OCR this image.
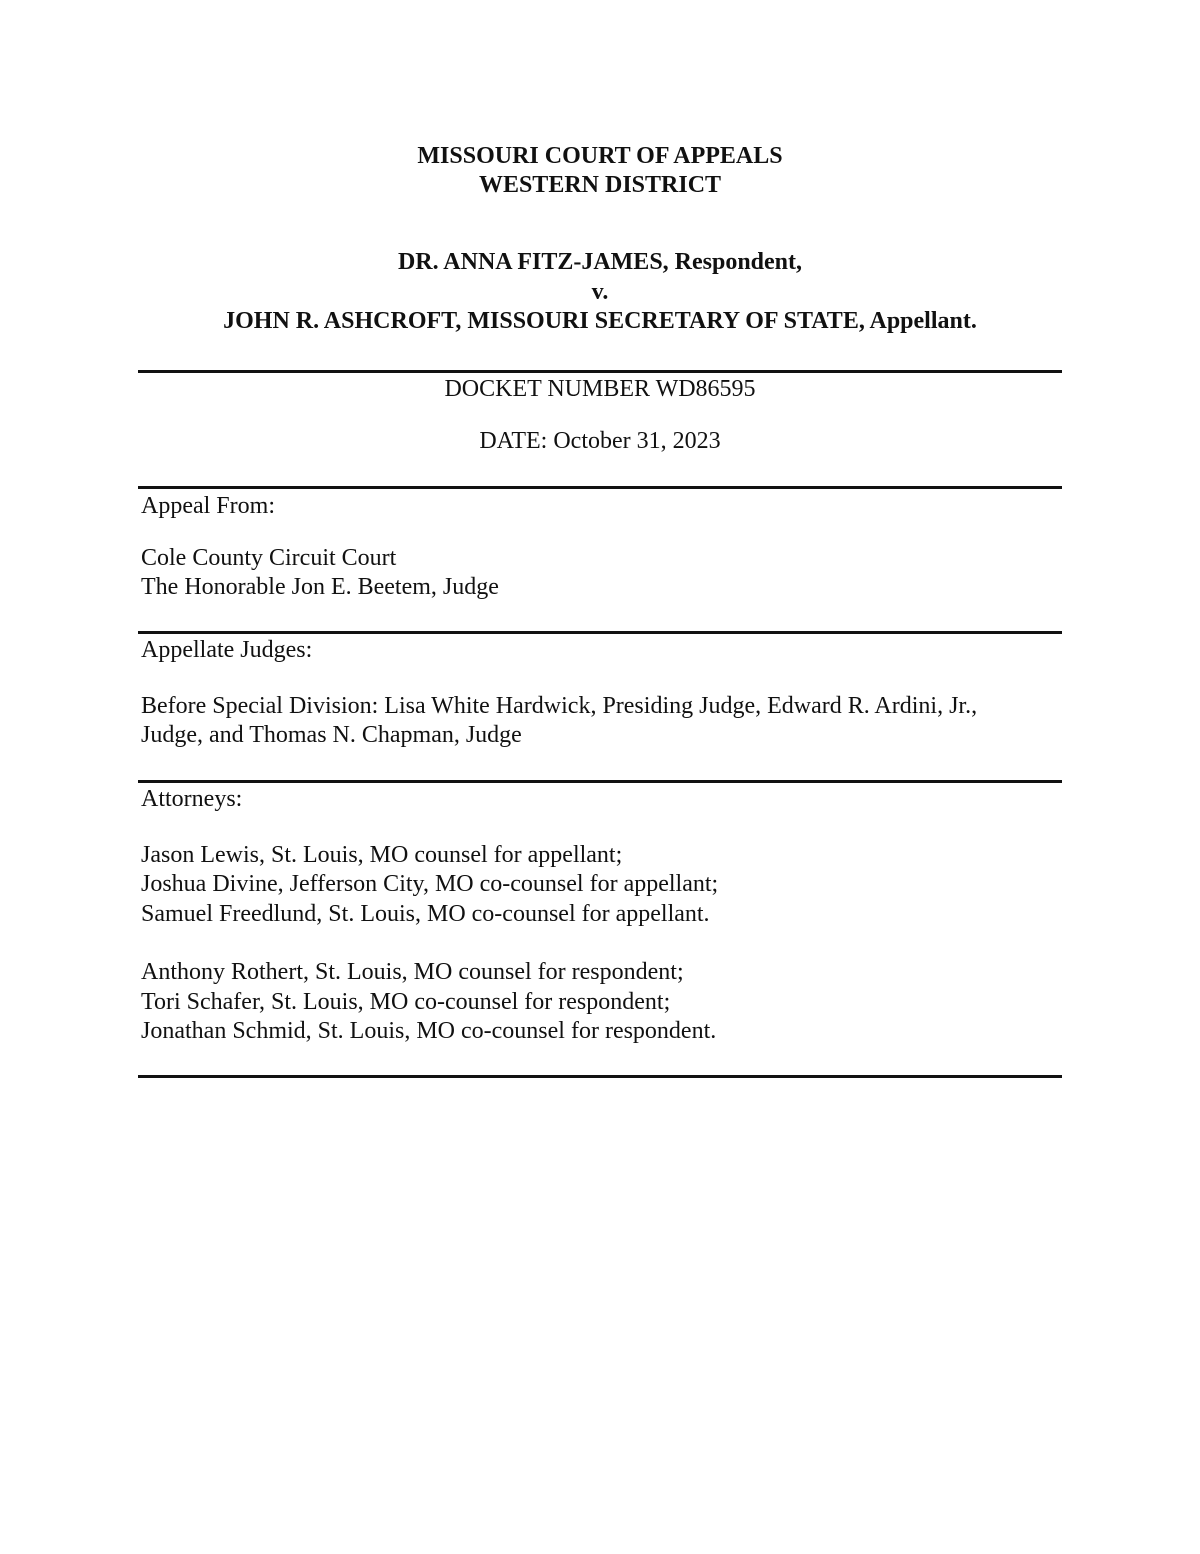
MISSOURI COURT OF APPEALS
WESTERN DISTRICT
DR. ANNA FITZ-JAMES, Respondent,
v.
JOHN R. ASHCROFT, MISSOURI SECRETARY OF STATE, Appellant.
DOCKET NUMBER WD86595
DATE: October 31, 2023
Appeal From:
Cole County Circuit Court
The Honorable Jon E. Beetem, Judge
Appellate Judges:
Before Special Division: Lisa White Hardwick, Presiding Judge, Edward R. Ardini, Jr.,
Judge, and Thomas N. Chapman, Judge
Attorneys:
Jason Lewis, St. Louis, MO counsel for appellant;
Joshua Divine, Jefferson City, MO co-counsel for appellant;
Samuel Freedlund, St. Louis, MO co-counsel for appellant.
Anthony Rothert, St. Louis, MO counsel for respondent;
Tori Schafer, St. Louis, MO co-counsel for respondent;
Jonathan Schmid, St. Louis, MO co-counsel for respondent.
